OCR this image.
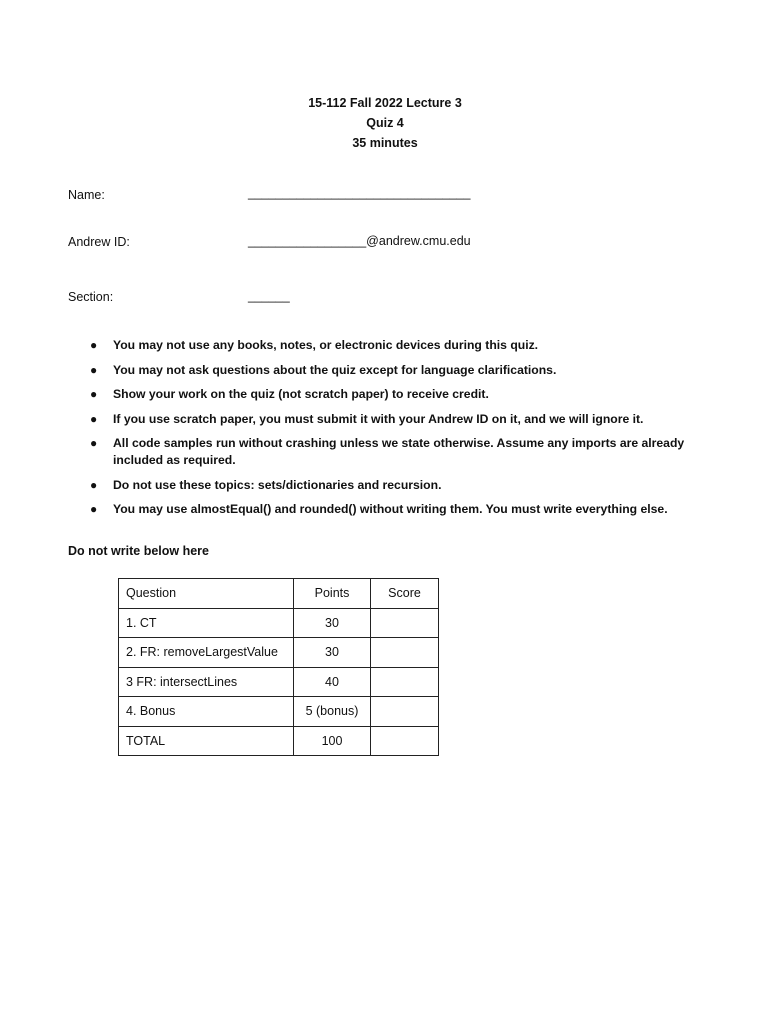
15-112 Fall 2022 Lecture 3
Quiz 4
35 minutes
Name:	________________________________
Andrew ID:	_________________@andrew.cmu.edu
Section:	______
● You may not use any books, notes, or electronic devices during this quiz.
● You may not ask questions about the quiz except for language clarifications.
● Show your work on the quiz (not scratch paper) to receive credit.
● If you use scratch paper, you must submit it with your Andrew ID on it, and we will ignore it.
● All code samples run without crashing unless we state otherwise. Assume any imports are already included as required.
● Do not use these topics: sets/dictionaries and recursion.
● You may use almostEqual() and rounded() without writing them. You must write everything else.
Do not write below here
Question	Points	Score
1. CT	30	
2. FR: removeLargestValue	30	
3 FR: intersectLines	40	
4. Bonus	5 (bonus)	
TOTAL	100	
